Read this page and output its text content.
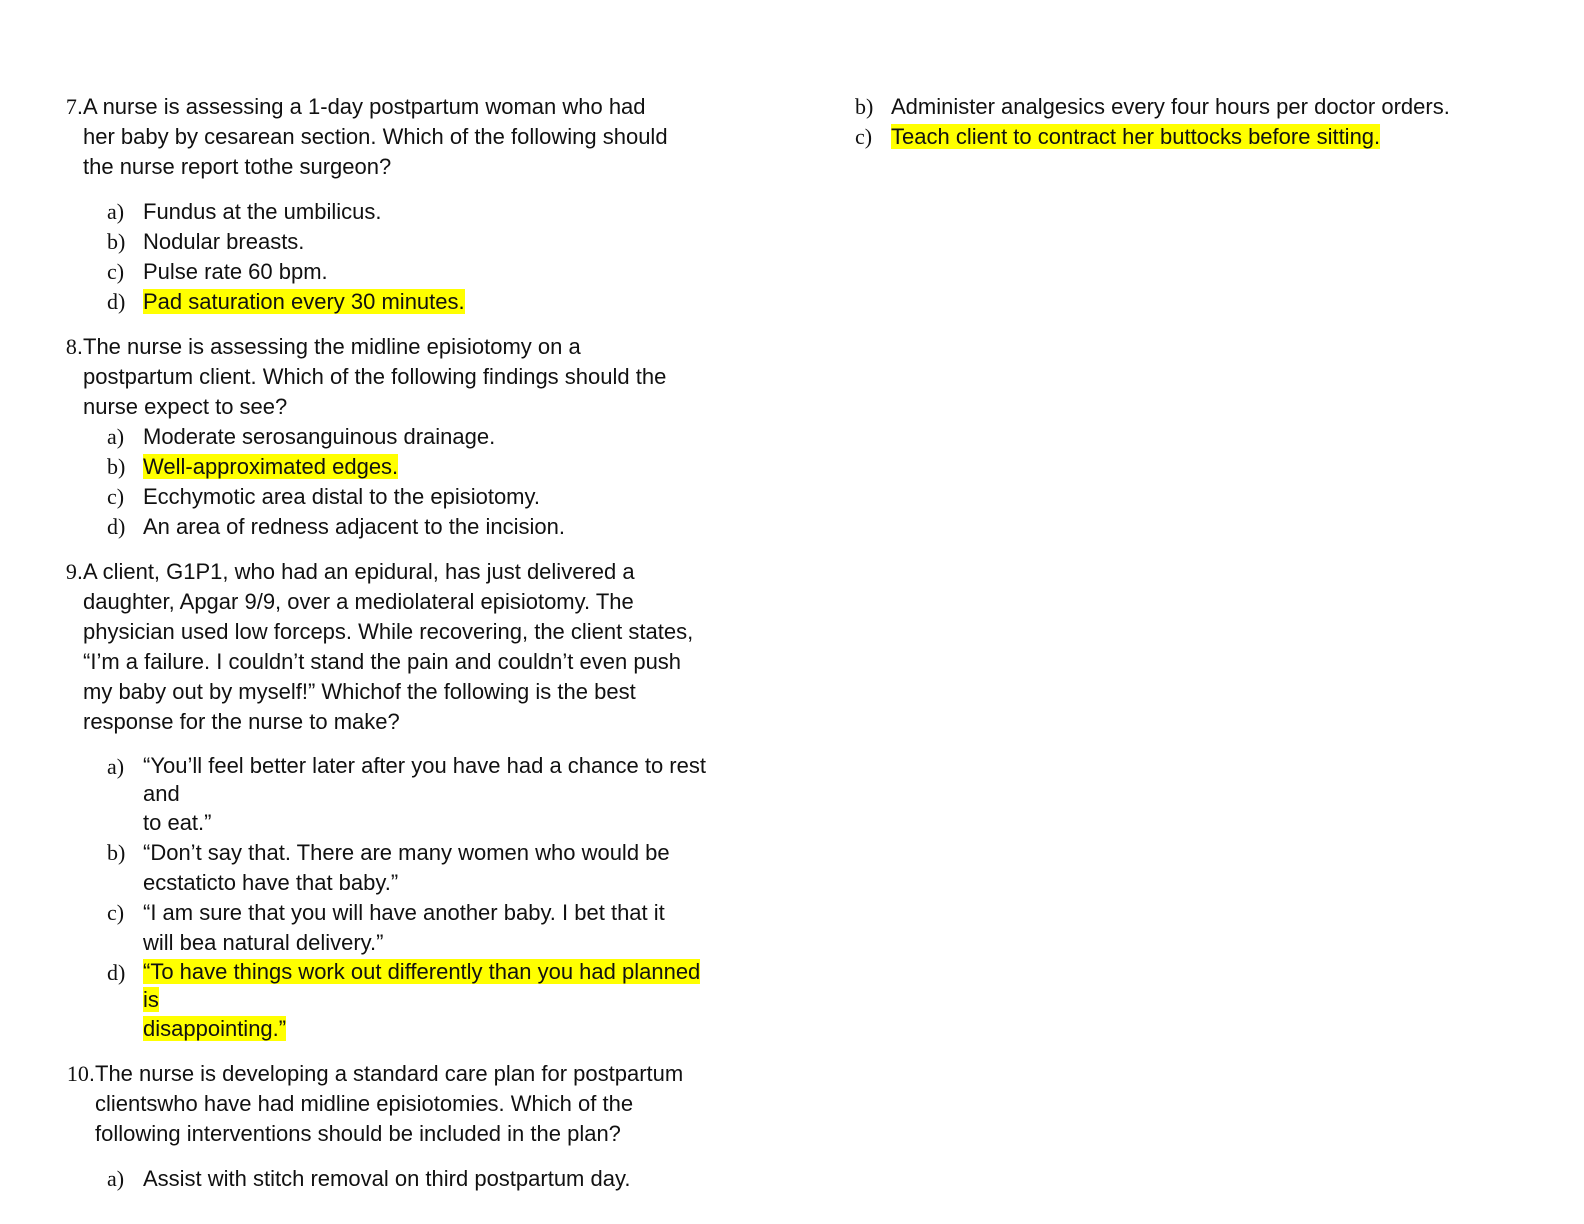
7. A nurse is assessing a 1-day postpartum woman who had
her baby by cesarean section. Which of the following should
the nurse report tothe surgeon?
a) Fundus at the umbilicus.
b) Nodular breasts.
c) Pulse rate 60 bpm.
d) Pad saturation every 30 minutes.
8. The nurse is assessing the midline episiotomy on a
postpartum client. Which of the following findings should the
nurse expect to see?
a) Moderate serosanguinous drainage.
b) Well-approximated edges.
c) Ecchymotic area distal to the episiotomy.
d) An area of redness adjacent to the incision.
9. A client, G1P1, who had an epidural, has just delivered a
daughter, Apgar 9/9, over a mediolateral episiotomy. The
physician used low forceps. While recovering, the client states,
“I’m a failure. I couldn’t stand the pain and couldn’t even push
my baby out by myself!” Whichof the following is the best
response for the nurse to make?
a) “You’ll feel better later after you have had a chance to rest
and
to eat.”
b) “Don’t say that. There are many women who would be
ecstaticto have that baby.”
c) “I am sure that you will have another baby. I bet that it
will bea natural delivery.”
d) “To have things work out differently than you had planned
is
disappointing.”
10. The nurse is developing a standard care plan for postpartum
clientswho have had midline episiotomies. Which of the
following interventions should be included in the plan?
a) Assist with stitch removal on third postpartum day.
b) Administer analgesics every four hours per doctor orders.
c) Teach client to contract her buttocks before sitting.
